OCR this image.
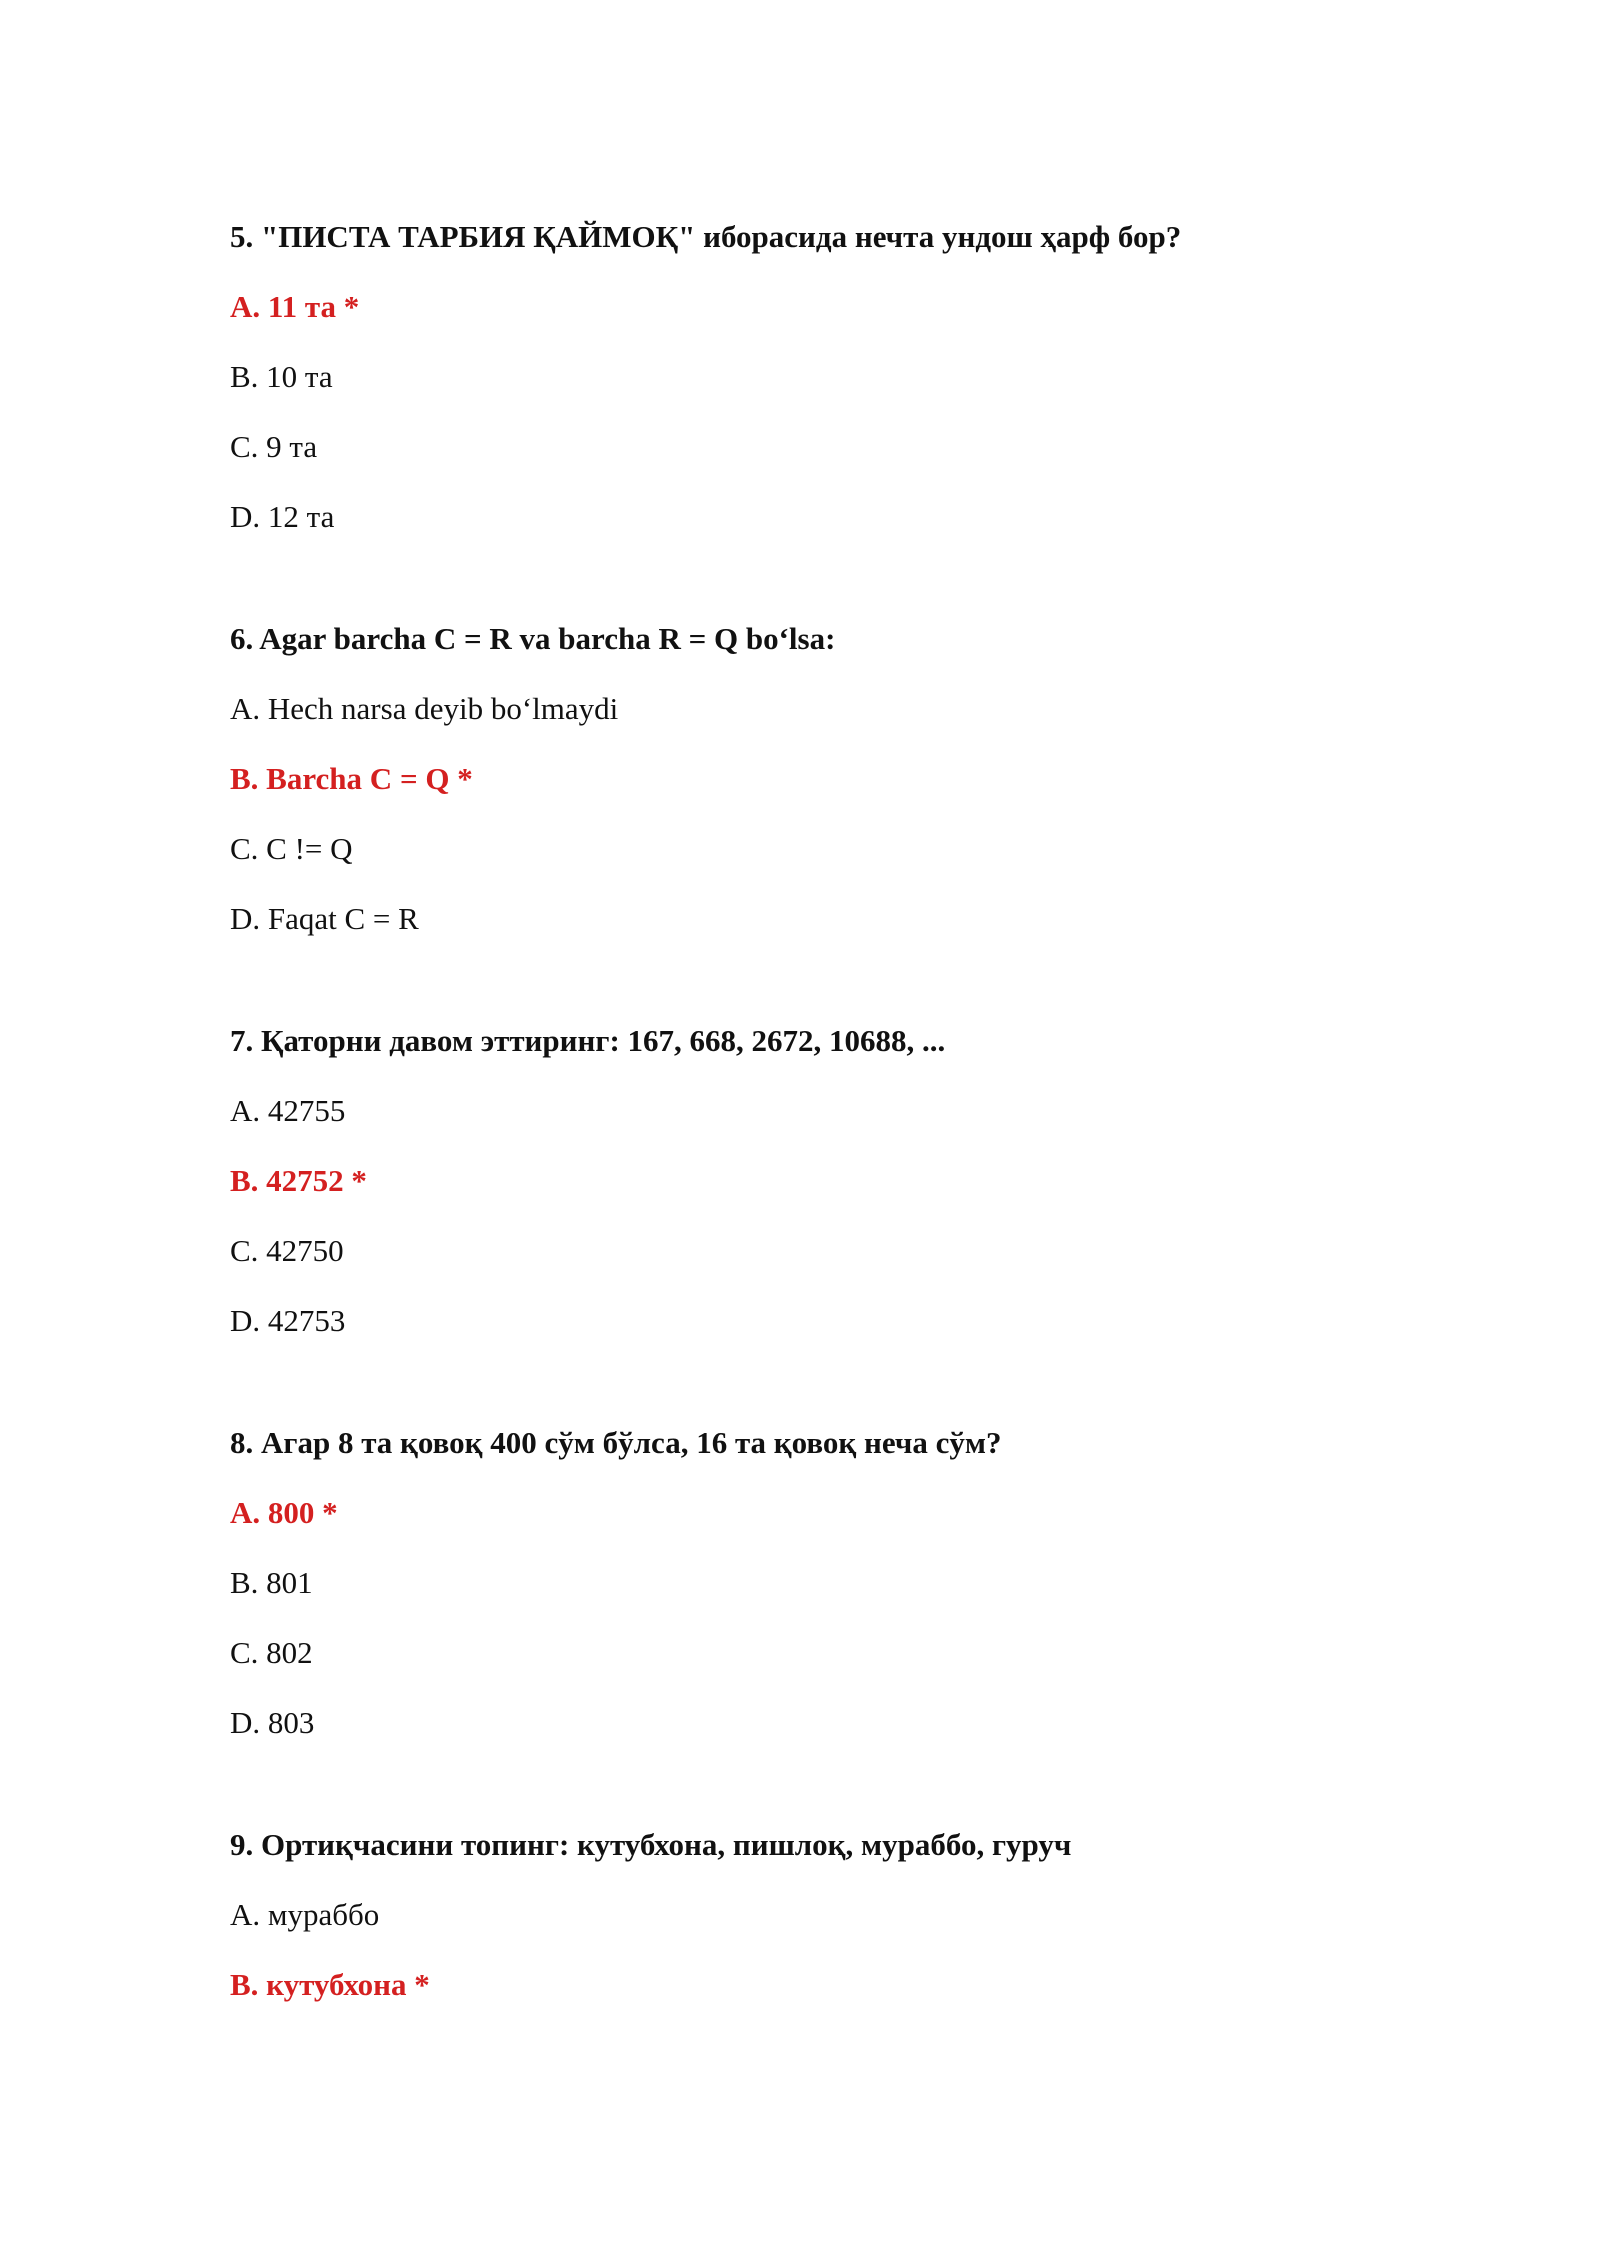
5. "ПИСТА ТАРБИЯ ҚАЙМОҚ" иборасида нечта ундош ҳарф бор?
A. 11 та *
B. 10 та
C. 9 та
D. 12 та
6. Agar barcha C = R va barcha R = Q bo‘lsa:
A. Hech narsa deyib bo‘lmaydi
B. Barcha C = Q *
C. C != Q
D. Faqat C = R
7. Қаторни давом эттиринг: 167, 668, 2672, 10688, ...
A. 42755
B. 42752 *
C. 42750
D. 42753
8. Агар 8 та қовоқ 400 сўм бўлса, 16 та қовоқ неча сўм?
A. 800 *
B. 801
C. 802
D. 803
9. Ортиқчасини топинг: кутубхона, пишлоқ, мураббо, гуруч
A. мураббо
B. кутубхона *
